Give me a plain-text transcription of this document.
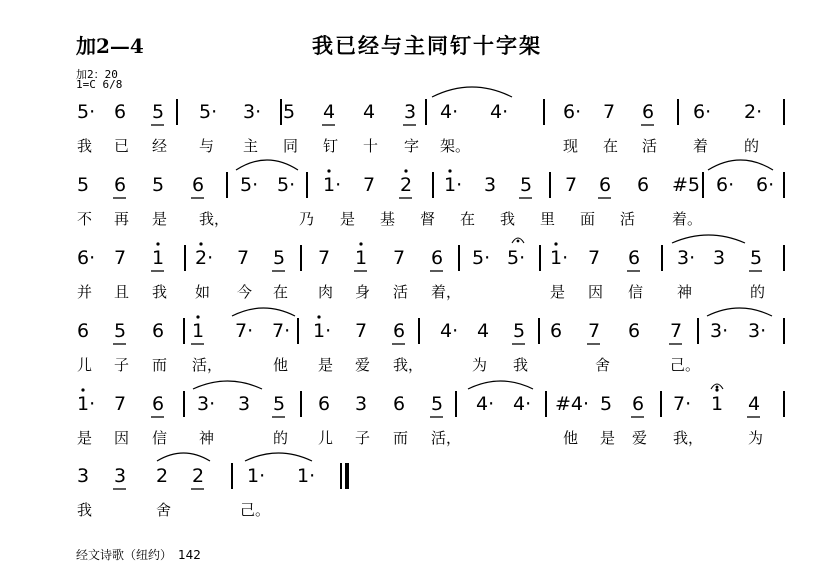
加2—4	我已经与主同钉十字架
加2：20
1=C 6/8
5· 6 5 5· 3· 5 4 4 3 4· 4·	6· 7 6 6· 2·
我 已 经 与 主 同 钉 十 字 架。	现 在 活 着 的
5 6 5 6 5· 5· 1· 7 2 1· 3 5 7 6 6 #5 6· 6·
不 再 是 我，	乃 是 基 督 在 我 里 面 活 着。
6· 7 1 2· 7 5 7 1 7 6 5· 5· 1· 7 6 3· 3 5
并 且 我 如 今 在 肉 身 活 着，	是 因 信 神	的
6 5 6 1 7· 7· 1· 7 6 4· 4 5 6 7 6 7 3· 3·
儿 子 而 活，	他 是 爱 我，	为 我	舍	己。
1· 7 6 3· 3 5 6 3 6 5 4· 4· #4· 5 6 7· 1 4
是 因 信 神	的 儿 子 而 活，	他 是 爱 我，	为
3 3 2 2 1· 1·
我	舍	己。
经文诗歌（纽约） 142
